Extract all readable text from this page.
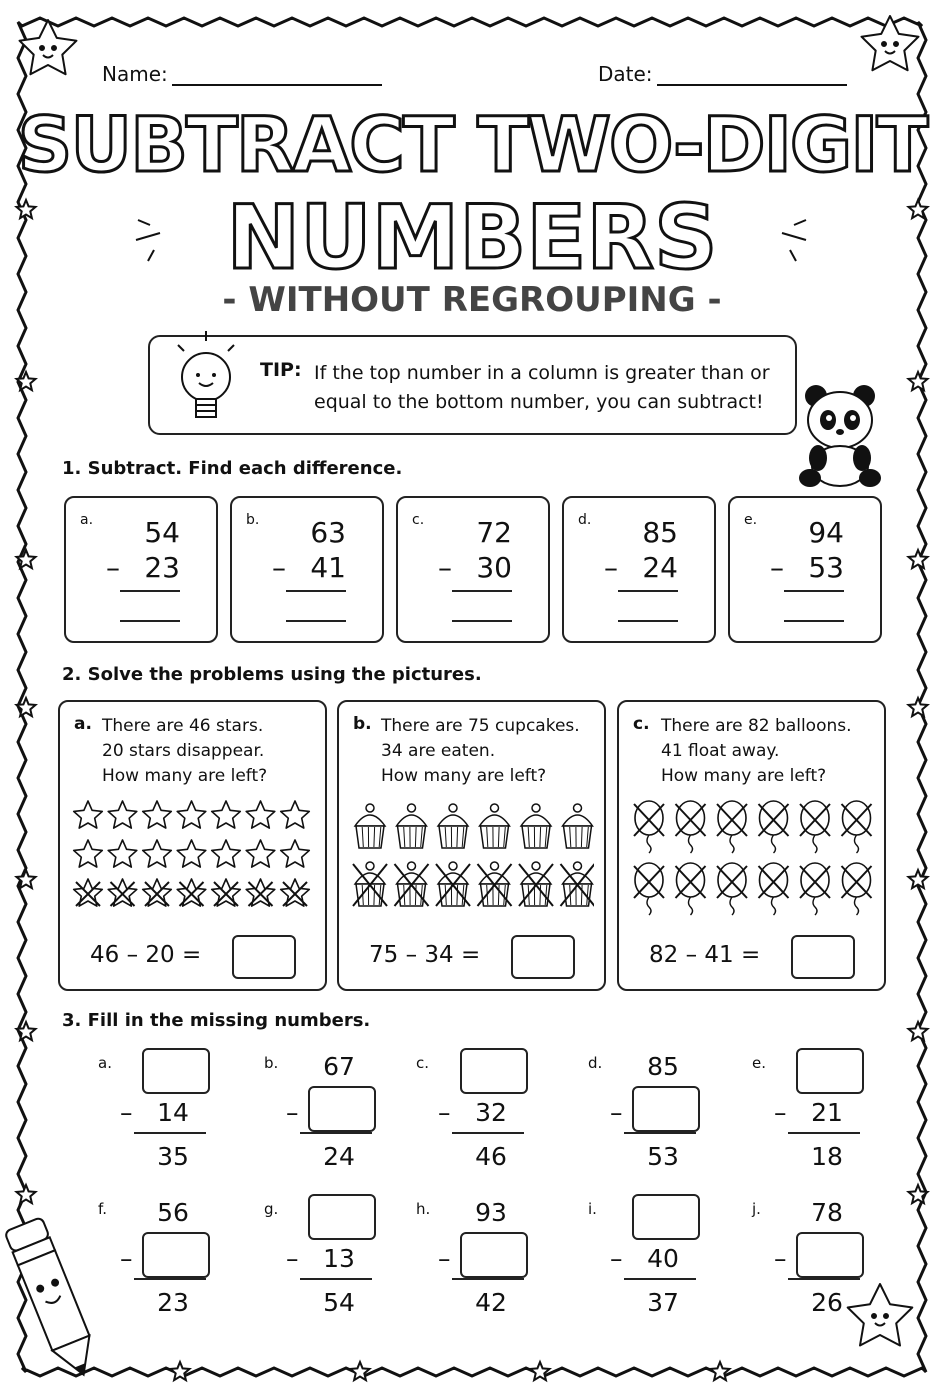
Name:	Date:
SUBTRACT TWO-DIGIT
NUMBERS
- WITHOUT REGROUPING -
TIP: If the top number in a column is greater than or equal to the bottom number, you can subtract!
1. Subtract. Find each difference.
a. 54
– 23
b. 63
– 41
c. 72
– 30
d. 85
– 24
e. 94
– 53
2. Solve the problems using the pictures.
a. There are 46 stars.
20 stars disappear.
How many are left?
46 – 20 =
b. There are 75 cupcakes.
34 are eaten.
How many are left?
75 – 34 =
c. There are 82 balloons.
41 float away.
How many are left?
82 – 41 =
3. Fill in the missing numbers.
a.
– 14
35
b.	67
–
24
c.
– 32
46
d.	85
–
53
e.
– 21
18
f.	56
–
23
g.
– 13
54
h.	93
–
42
i.
– 40
37
j.	78
–
26
